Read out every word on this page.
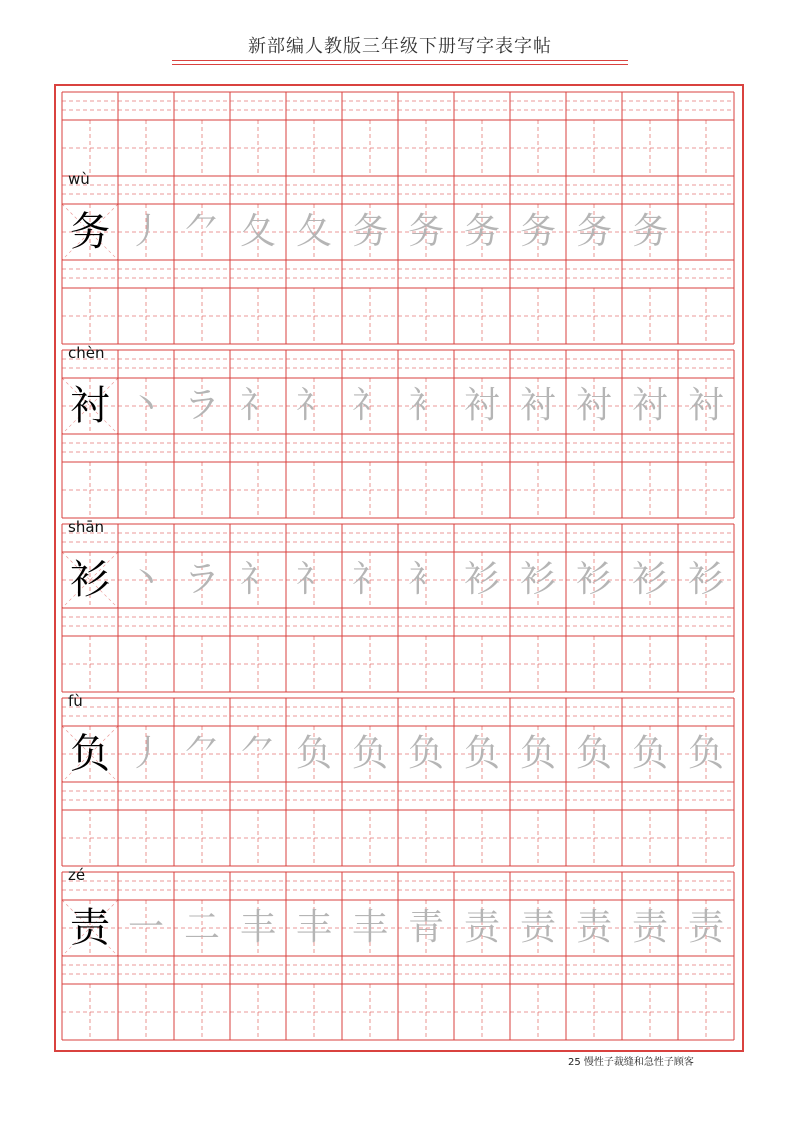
新部编人教版三年级下册写字表字帖
wù
务 丿 ⺈ 夂 夂 务 务 务 务 务 务
chèn
衬 丶 ラ 礻 礻 礻 衤 衬 衬 衬 衬 衬
shān
衫 丶 ラ 礻 礻 礻 衤 衫 衫 衫 衫 衫
fù
负 丿 ⺈ ⺈ 负 负 负 负 负 负 负 负
zé
责 一 二 丰 丰 丰 青 责 责 责 责 责
25 慢性子裁缝和急性子顾客
